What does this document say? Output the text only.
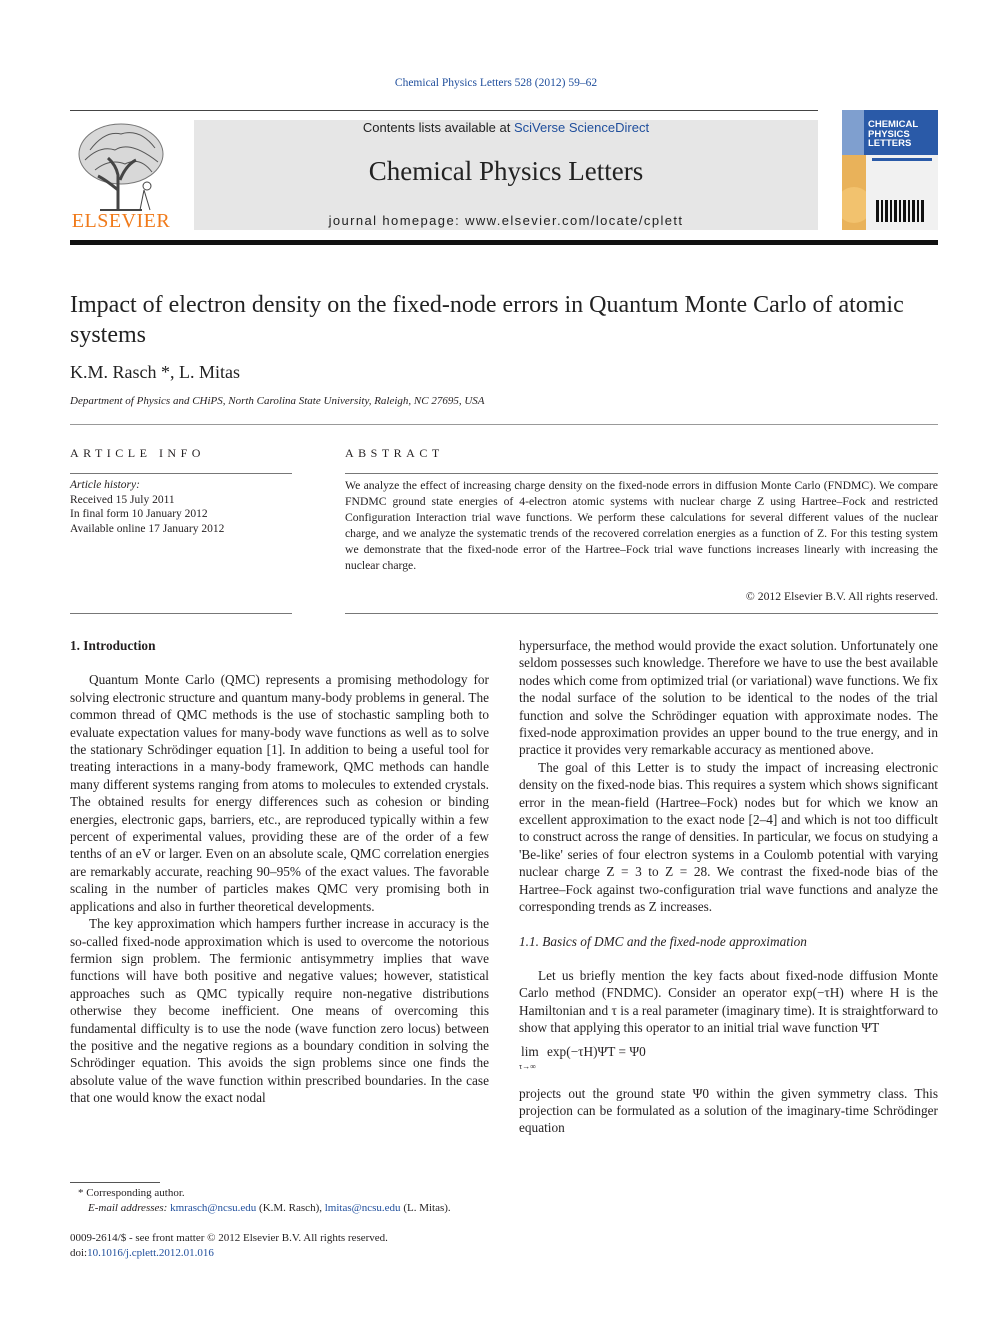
Chemical Physics Letters 528 (2012) 59–62
ELSEVIER
Contents lists available at SciVerse ScienceDirect
Chemical Physics Letters
journal homepage: www.elsevier.com/locate/cplett
CHEMICAL
PHYSICS
LETTERS
Impact of electron density on the fixed-node errors in Quantum Monte Carlo of atomic systems
K.M. Rasch *, L. Mitas
Department of Physics and CHiPS, North Carolina State University, Raleigh, NC 27695, USA
ARTICLE INFO
Article history:
Received 15 July 2011
In final form 10 January 2012
Available online 17 January 2012
ABSTRACT
We analyze the effect of increasing charge density on the fixed-node errors in diffusion Monte Carlo (FNDMC). We compare FNDMC ground state energies of 4-electron atomic systems with nuclear charge Z using Hartree–Fock and restricted Configuration Interaction trial wave functions. We perform these calculations for several different values of the nuclear charge, and we analyze the systematic trends of the recovered correlation energies as a function of Z. For this testing system we demonstrate that the fixed-node error of the Hartree–Fock trial wave functions increases linearly with increasing the nuclear charge.
© 2012 Elsevier B.V. All rights reserved.

1. Introduction

Quantum Monte Carlo (QMC) represents a promising methodology for solving electronic structure and quantum many-body problems in general. The common thread of QMC methods is the use of stochastic sampling both to evaluate expectation values for many-body wave functions as well as to solve the stationary Schrödinger equation [1]. In addition to being a useful tool for treating interactions in a many-body framework, QMC methods can handle many different systems ranging from atoms to molecules to extended crystals. The obtained results for energy differences such as cohesion or binding energies, electronic gaps, barriers, etc., are reproduced typically within a few percent of experimental values, providing these are of the order of a few tenths of an eV or larger. Even on an absolute scale, QMC correlation energies are remarkably accurate, reaching 90–95% of the exact values. The favorable scaling in the number of particles makes QMC very promising both in applications and also in further theoretical developments.

The key approximation which hampers further increase in accuracy is the so-called fixed-node approximation which is used to overcome the notorious fermion sign problem. The fermionic antisymmetry implies that wave functions will have both positive and negative values; however, statistical approaches such as QMC typically require non-negative distributions otherwise they become inefficient. One means of overcoming this fundamental difficulty is to use the node (wave function zero locus) between the positive and the negative regions as a boundary condition in solving the Schrödinger equation. This avoids the sign problems since one finds the absolute value of the wave function within prescribed boundaries. In the case that one would know the exact nodal

hypersurface, the method would provide the exact solution. Unfortunately one seldom possesses such knowledge. Therefore we have to use the best available nodes which come from optimized trial (or variational) wave functions. We fix the nodal surface of the solution to be identical to the nodes of the trial function and solve the Schrödinger equation with approximate nodes. The fixed-node approximation provides an upper bound to the true energy, and in practice it provides very remarkable accuracy as mentioned above.

The goal of this Letter is to study the impact of increasing electronic density on the fixed-node bias. This requires a system which shows significant error in the mean-field (Hartree–Fock) nodes but for which we know an excellent approximation to the exact node [2–4] and which is not too difficult to construct across the range of densities. In particular, we focus on studying a 'Be-like' series of four electron systems in a Coulomb potential with varying nuclear charge Z = 3 to Z = 28. We contrast the fixed-node bias of the Hartree–Fock against two-configuration trial wave functions and analyze the corresponding trends as Z increases.

1.1. Basics of DMC and the fixed-node approximation

Let us briefly mention the key facts about fixed-node diffusion Monte Carlo method (FNDMC). Consider an operator exp(−τH) where H is the Hamiltonian and τ is a real parameter (imaginary time). It is straightforward to show that applying this operator to an initial trial wave function ΨT

lim
τ→∞
exp(−τH)ΨT = Ψ0

projects out the ground state Ψ0 within the given symmetry class. This projection can be formulated as a solution of the imaginary-time Schrödinger equation

* Corresponding author.
E-mail addresses: kmrasch@ncsu.edu (K.M. Rasch), lmitas@ncsu.edu (L. Mitas).
0009-2614/$ - see front matter © 2012 Elsevier B.V. All rights reserved.
doi:10.1016/j.cplett.2012.01.016
